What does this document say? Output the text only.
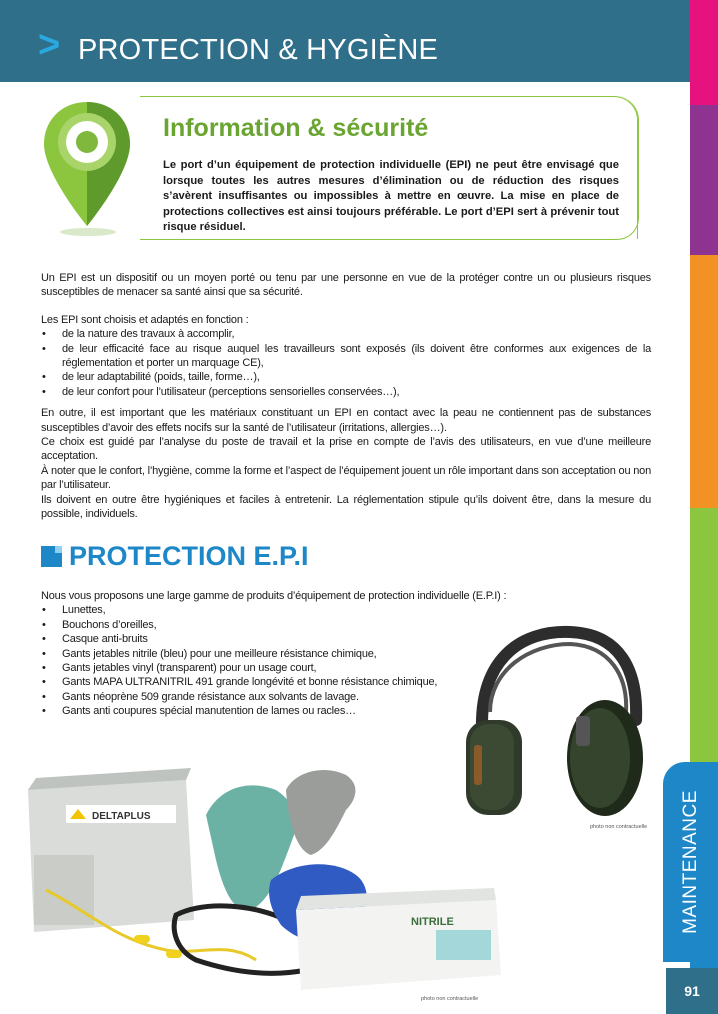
> PROTECTION & HYGIÈNE
MAINTENANCE
91
Information & sécurité
Le port d’un équipement de protection individuelle (EPI) ne peut être envisagé que lorsque toutes les autres mesures d’élimination ou de réduction des risques s’avèrent insuffisantes ou impossibles à mettre en œuvre. La mise en place de protections collectives est ainsi toujours préférable. Le port d’EPI sert à prévenir tout risque résiduel.

Un EPI est un dispositif ou un moyen porté ou tenu par une personne en vue de la protéger contre un ou plusieurs risques susceptibles de menacer sa santé ainsi que sa sécurité.

Les EPI sont choisis et adaptés en fonction :

• de la nature des travaux à accomplir,
• de leur efficacité face au risque auquel les travailleurs sont exposés (ils doivent être conformes aux exigences de la réglementation et porter un marquage CE),
• de leur adaptabilité (poids, taille, forme…),
• de leur confort pour l’utilisateur (perceptions sensorielles conservées…),

En outre, il est important que les matériaux constituant un EPI en contact avec la peau ne contiennent pas de substances susceptibles d’avoir des effets nocifs sur la santé de l’utilisateur (irritations, allergies…).

Ce choix est guidé par l’analyse du poste de travail et la prise en compte de l’avis des utilisateurs, en vue d’une meilleure acceptation.

À noter que le confort, l’hygiène, comme la forme et l’aspect de l’équipement jouent un rôle important dans son acceptation ou non par l’utilisateur.

Ils doivent en outre être hygiéniques et faciles à entretenir. La réglementation stipule qu’ils doivent être, dans la mesure du possible, individuels.

PROTECTION E.P.I

Nous vous proposons une large gamme de produits d’équipement de protection individuelle (E.P.I) :

• Lunettes,
• Bouchons d’oreilles,
• Casque anti-bruits
• Gants jetables nitrile (bleu) pour une meilleure résistance chimique,
• Gants jetables vinyl (transparent) pour un usage court,
• Gants MAPA ULTRANITRIL 491 grande longévité et bonne résistance chimique,
• Gants néoprène 509 grande résistance aux solvants de lavage.
• Gants anti coupures spécial manutention de lames ou racles…
photo non contractuelle
DELTAPLUS
NITRILE
photo non contractuelle
